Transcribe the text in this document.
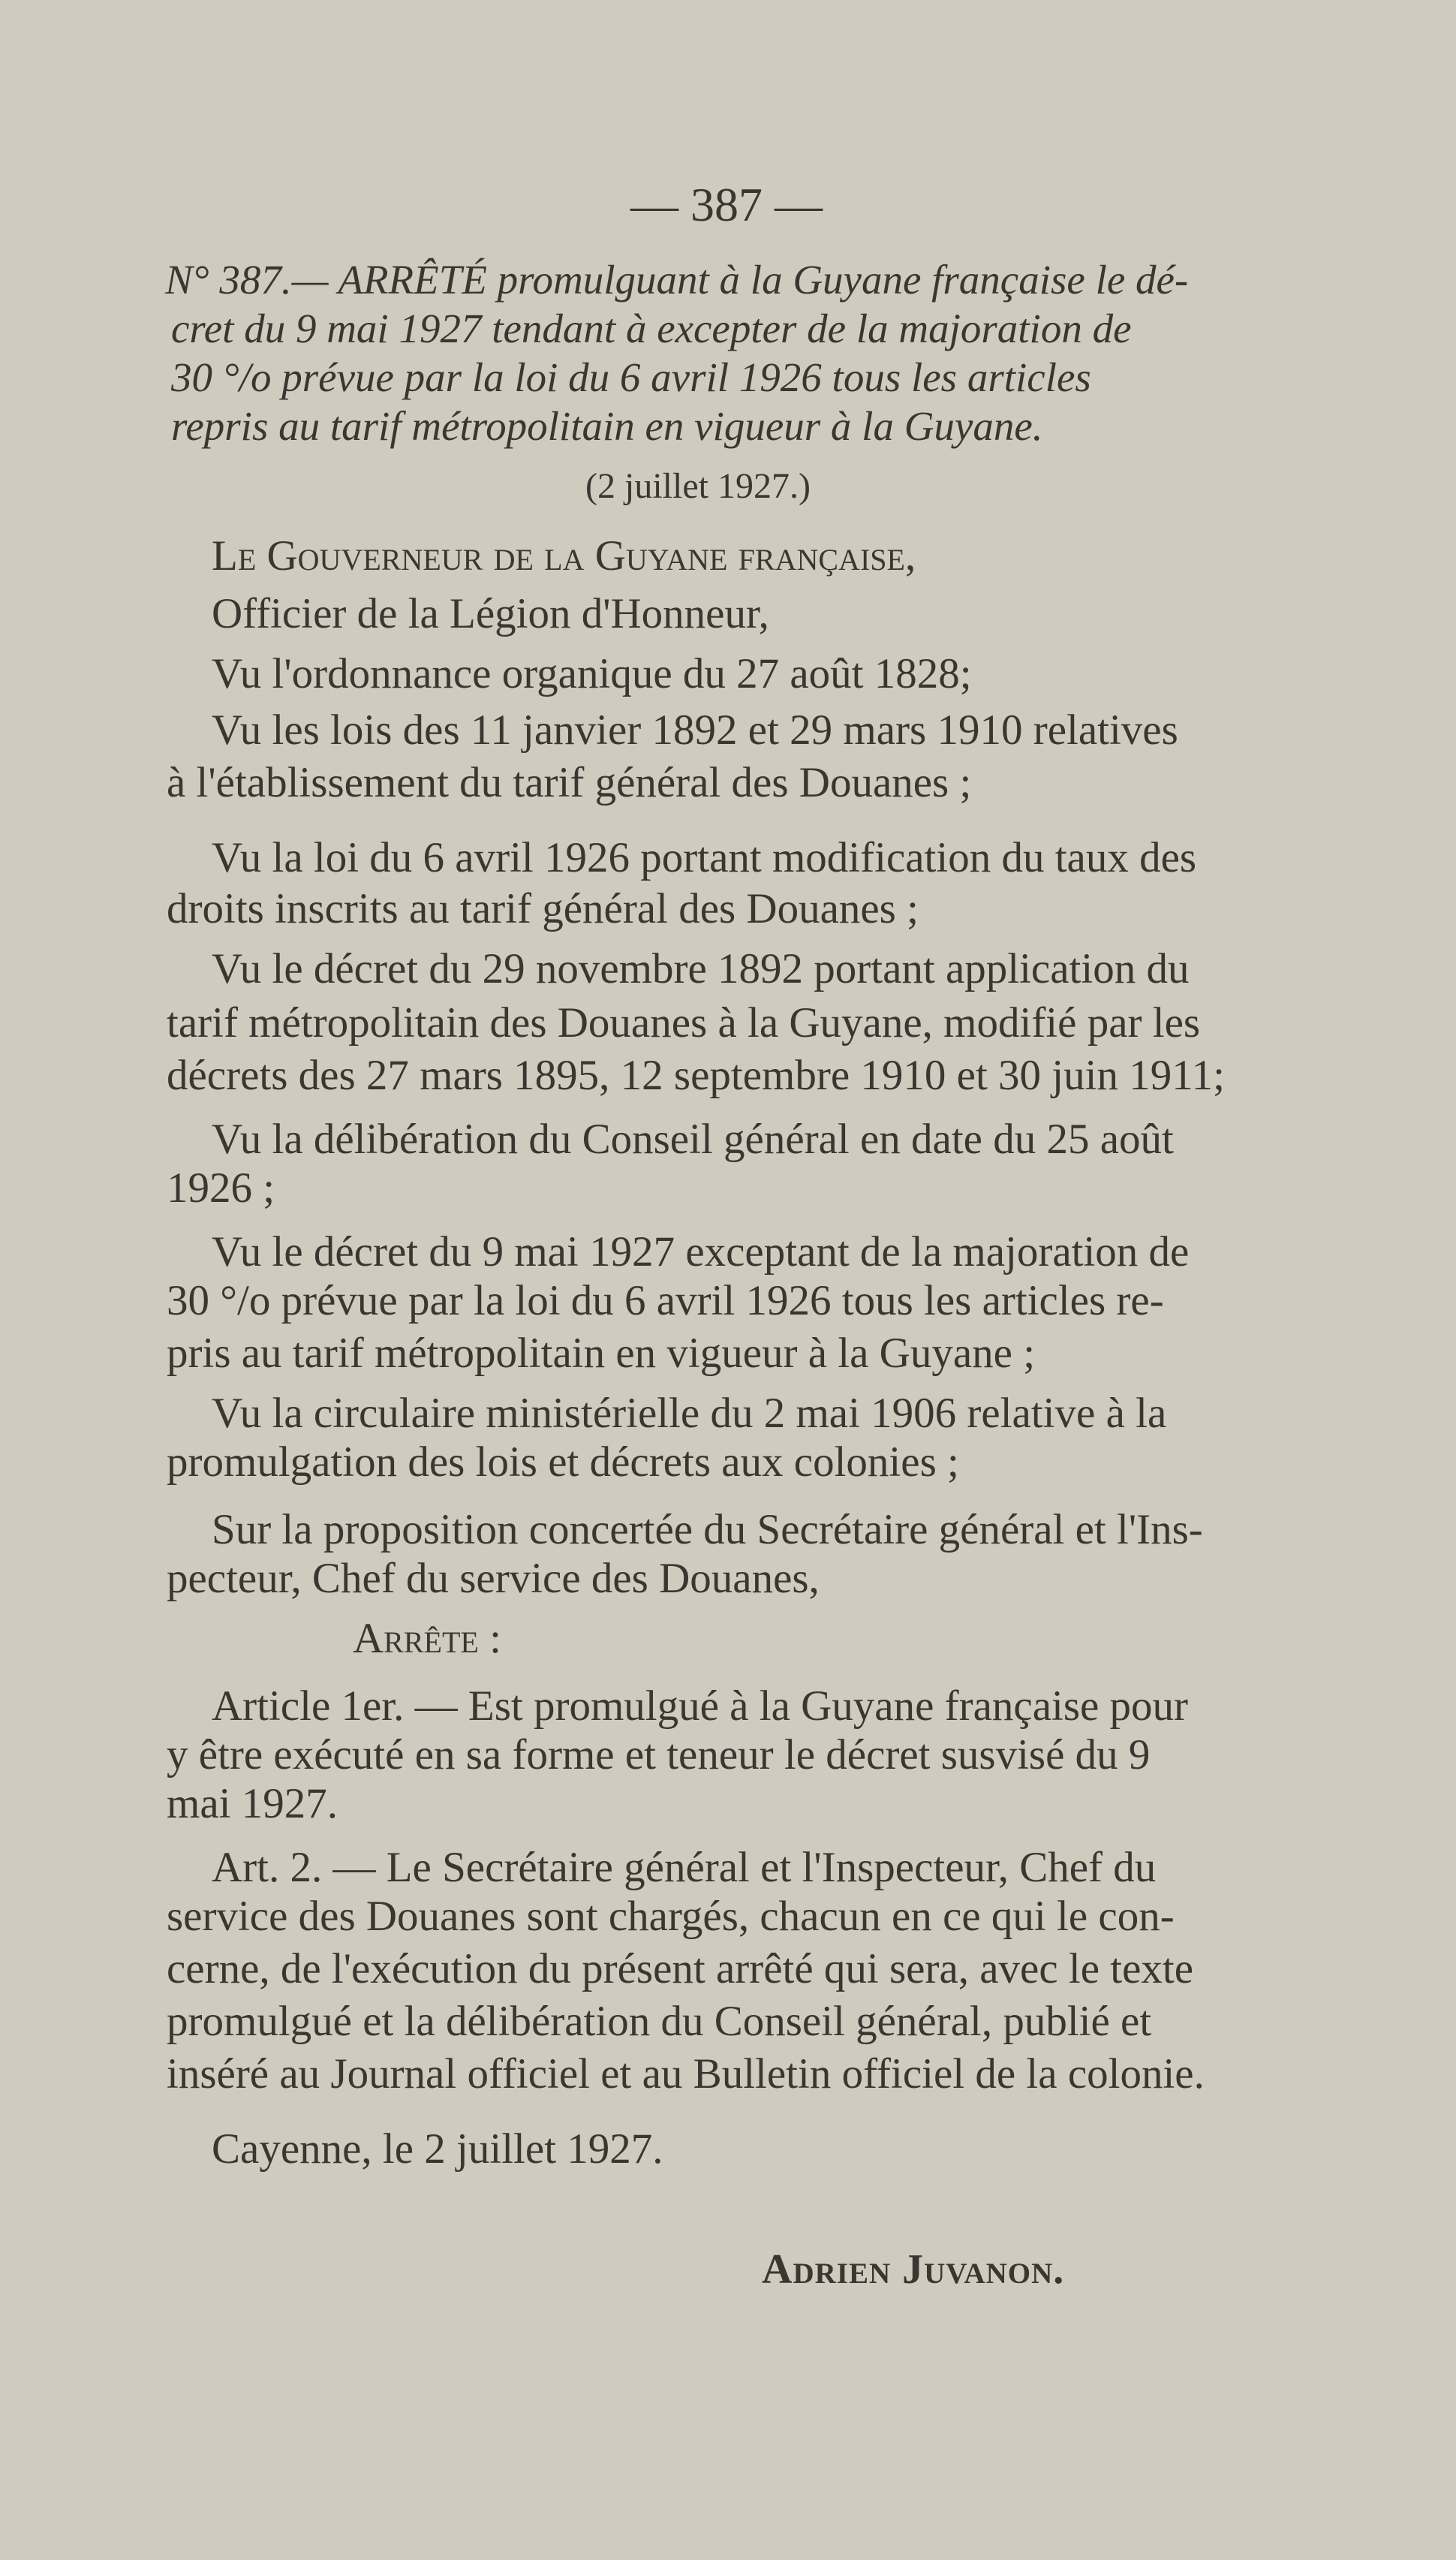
— 387 —
N° 387.— ARRÊTÉ promulguant à la Guyane française le dé-
cret du 9 mai 1927 tendant à excepter de la majoration de
30 °/o prévue par la loi du 6 avril 1926 tous les articles
repris au tarif métropolitain en vigueur à la Guyane.
(2 juillet 1927.)
Le Gouverneur de la Guyane française,
Officier de la Légion d'Honneur,
Vu l'ordonnance organique du 27 août 1828;
Vu les lois des 11 janvier 1892 et 29 mars 1910 relatives
à l'établissement du tarif général des Douanes ;
Vu la loi du 6 avril 1926 portant modification du taux des
droits inscrits au tarif général des Douanes ;
Vu le décret du 29 novembre 1892 portant application du
tarif métropolitain des Douanes à la Guyane, modifié par les
décrets des 27 mars 1895, 12 septembre 1910 et 30 juin 1911;
Vu la délibération du Conseil général en date du 25 août
1926 ;
Vu le décret du 9 mai 1927 exceptant de la majoration de
30 °/o prévue par la loi du 6 avril 1926 tous les articles re-
pris au tarif métropolitain en vigueur à la Guyane ;
Vu la circulaire ministérielle du 2 mai 1906 relative à la
promulgation des lois et décrets aux colonies ;
Sur la proposition concertée du Secrétaire général et l'Ins-
pecteur, Chef du service des Douanes,
Arrête :
Article 1er. — Est promulgué à la Guyane française pour
y être exécuté en sa forme et teneur le décret susvisé du 9
mai 1927.
Art. 2. — Le Secrétaire général et l'Inspecteur, Chef du
service des Douanes sont chargés, chacun en ce qui le con-
cerne, de l'exécution du présent arrêté qui sera, avec le texte
promulgué et la délibération du Conseil général, publié et
inséré au Journal officiel et au Bulletin officiel de la colonie.
Cayenne, le 2 juillet 1927.
Adrien Juvanon.
